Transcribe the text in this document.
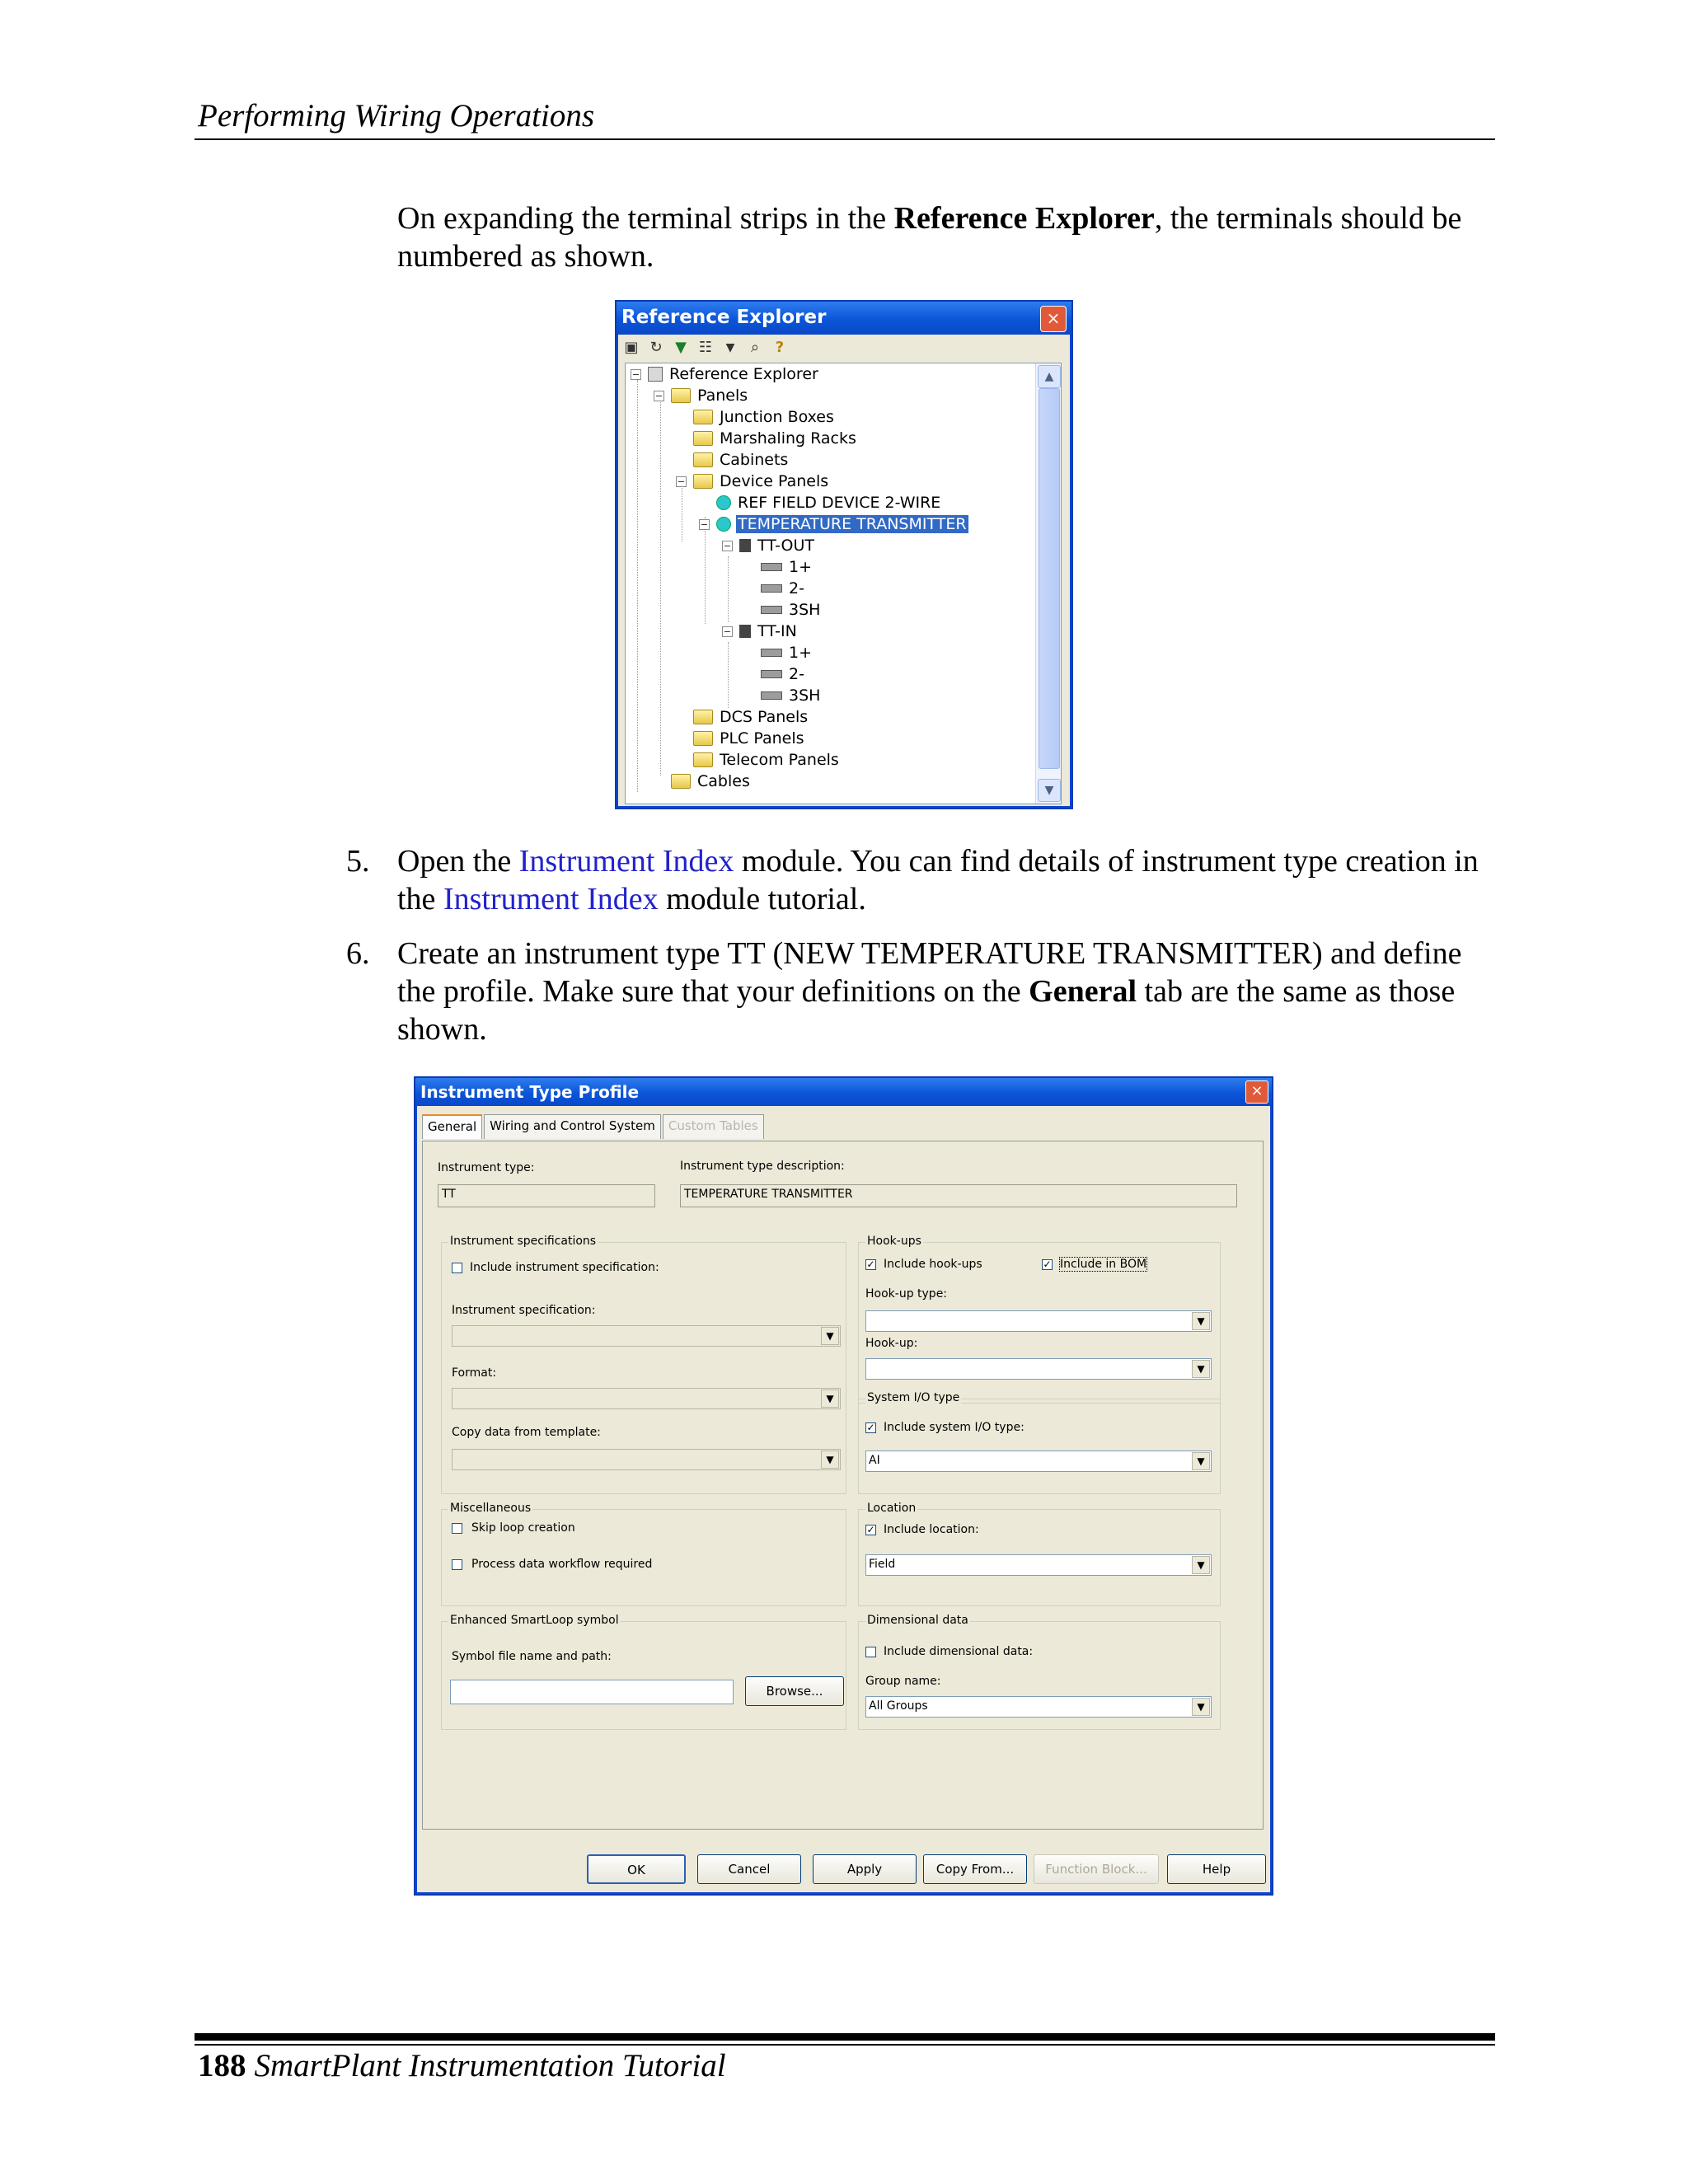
Performing Wiring Operations
On expanding the terminal strips in the Reference Explorer, the terminals should be numbered as shown.
Reference Explorer	×
▣ ↻ ▼ ☷	▼	⌕	?
− Reference Explorer
− Panels
Junction Boxes
Marshaling Racks
Cabinets
− Device Panels
REF FIELD DEVICE 2-WIRE
− TEMPERATURE TRANSMITTER
− TT-OUT
1+
2-
3SH
− TT-IN
1+
2-
3SH
DCS Panels
PLC Panels
Telecom Panels
Cables
▲
▼
5. Open the Instrument Index module. You can find details of instrument type creation in the Instrument Index module tutorial.
6. Create an instrument type TT (NEW TEMPERATURE TRANSMITTER) and define the profile. Make sure that your definitions on the General tab are the same as those shown.
Instrument Type Profile	×
General	Wiring and Control System	Custom Tables
Instrument type:
TT
Instrument type description:
TEMPERATURE TRANSMITTER
Instrument specifications
Include instrument specification:
Instrument specification:
▼
Format:
▼
Copy data from template:
▼
Hook-ups
✓ Include hook-ups	✓ Include in BOM
Hook-up type:
▼
Hook-up:
▼
System I/O type
✓ Include system I/O type:
AI	▼
Miscellaneous
Skip loop creation
Process data workflow required
Location
✓ Include location:
Field	▼
Enhanced SmartLoop symbol
Symbol file name and path:
Browse...
Dimensional data
Include dimensional data:
Group name:
All Groups	▼
OK	Cancel	Apply	Copy From...	Function Block...	Help
188 SmartPlant Instrumentation Tutorial
